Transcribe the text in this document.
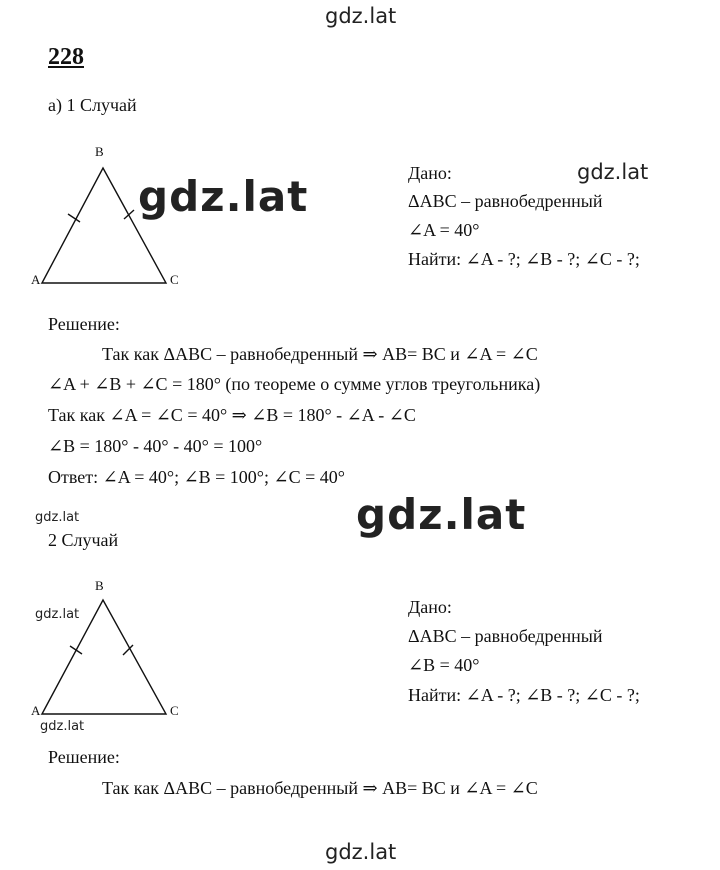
gdz.lat
228
а) 1 Случай
B
A	C
gdz.lat	Дано:	gdz.lat
ΔABC – равнобедренный
∠A = 40°
Найти: ∠A - ?; ∠B - ?; ∠C - ?;
Решение:
Так как ΔABC – равнобедренный ⇒ AB= BC и ∠A = ∠C
∠A + ∠B + ∠C = 180° (по теореме о сумме углов треугольника)
Так как ∠A = ∠C = 40° ⇒ ∠B = 180° - ∠A - ∠C
∠B = 180° - 40° - 40° = 100°
Ответ: ∠A = 40°; ∠B = 100°; ∠C = 40°
gdz.lat
gdz.lat
2 Случай
B
A	C
gdz.lat
gdz.lat
Дано:
ΔABC – равнобедренный
∠B = 40°
Найти: ∠A - ?; ∠B - ?; ∠C - ?;
Решение:
Так как ΔABC – равнобедренный ⇒ AB= BC и ∠A = ∠C
gdz.lat
